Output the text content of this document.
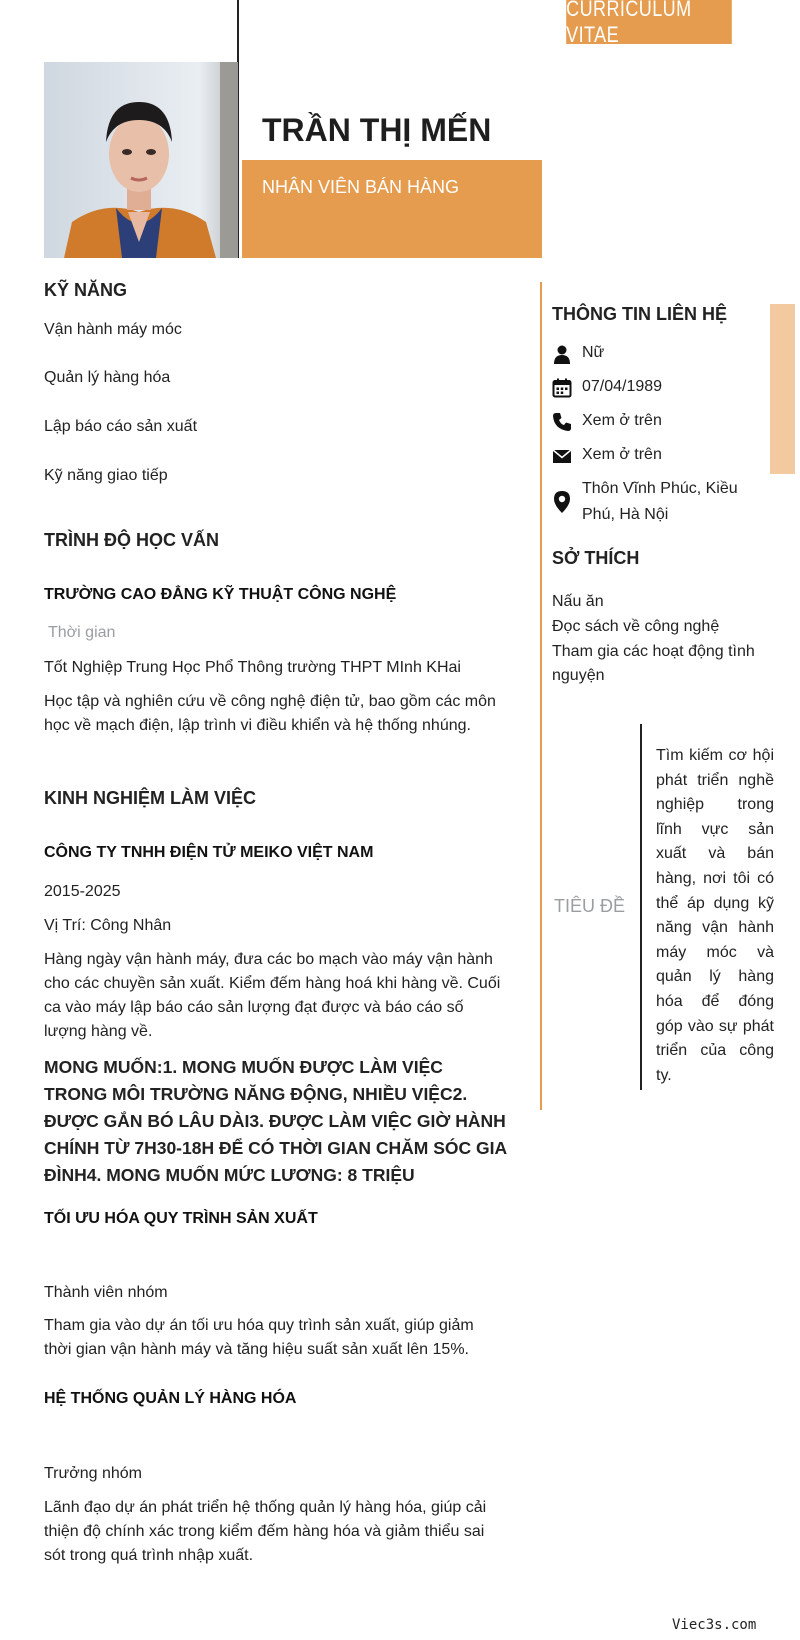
CURRICULUM VITAE
TRẦN THỊ MẾN
NHÂN VIÊN BÁN HÀNG
KỸ NĂNG
Vận hành máy móc
Quản lý hàng hóa
Lập báo cáo sản xuất
Kỹ năng giao tiếp
TRÌNH ĐỘ HỌC VẤN
TRƯỜNG CAO ĐẲNG KỸ THUẬT CÔNG NGHỆ
Thời gian
Tốt Nghiệp Trung Học Phổ Thông trường THPT MInh KHai
Học tập và nghiên cứu về công nghệ điện tử, bao gồm các môn học về mạch điện, lập trình vi điều khiển và hệ thống nhúng.
KINH NGHIỆM LÀM VIỆC
CÔNG TY TNHH ĐIỆN TỬ MEIKO VIỆT NAM
2015-2025
Vị Trí: Công Nhân
Hàng ngày vận hành máy, đưa các bo mạch vào máy vận hành cho các chuyền sản xuất. Kiểm đếm hàng hoá khi hàng về. Cuối ca vào máy lập báo cáo sản lượng đạt được và báo cáo số lượng hàng về.
MONG MUỐN:1. MONG MUỐN ĐƯỢC LÀM VIỆC TRONG MÔI TRƯỜNG NĂNG ĐỘNG, NHIỀU VIỆC2. ĐƯỢC GẮN BÓ LÂU DÀI3. ĐƯỢC LÀM VIỆC GIỜ HÀNH CHÍNH TỪ 7H30-18H ĐỂ CÓ THỜI GIAN CHĂM SÓC GIA ĐÌNH4. MONG MUỐN MỨC LƯƠNG: 8 TRIỆU
TỐI ƯU HÓA QUY TRÌNH SẢN XUẤT
Thành viên nhóm
Tham gia vào dự án tối ưu hóa quy trình sản xuất, giúp giảm thời gian vận hành máy và tăng hiệu suất sản xuất lên 15%.
HỆ THỐNG QUẢN LÝ HÀNG HÓA
Trưởng nhóm
Lãnh đạo dự án phát triển hệ thống quản lý hàng hóa, giúp cải thiện độ chính xác trong kiểm đếm hàng hóa và giảm thiểu sai sót trong quá trình nhập xuất.
THÔNG TIN LIÊN HỆ
Nữ
07/04/1989
Xem ở trên
Xem ở trên
Thôn Vĩnh Phúc, Kiều Phú, Hà Nội
SỞ THÍCH
Nấu ăn
Đọc sách về công nghệ
Tham gia các hoạt động tình nguyện
TIÊU ĐỀ
Tìm kiếm cơ hội phát triển nghề nghiệp trong lĩnh vực sản xuất và bán hàng, nơi tôi có thể áp dụng kỹ năng vận hành máy móc và quản lý hàng hóa để đóng góp vào sự phát triển của công ty.
Viec3s.com
